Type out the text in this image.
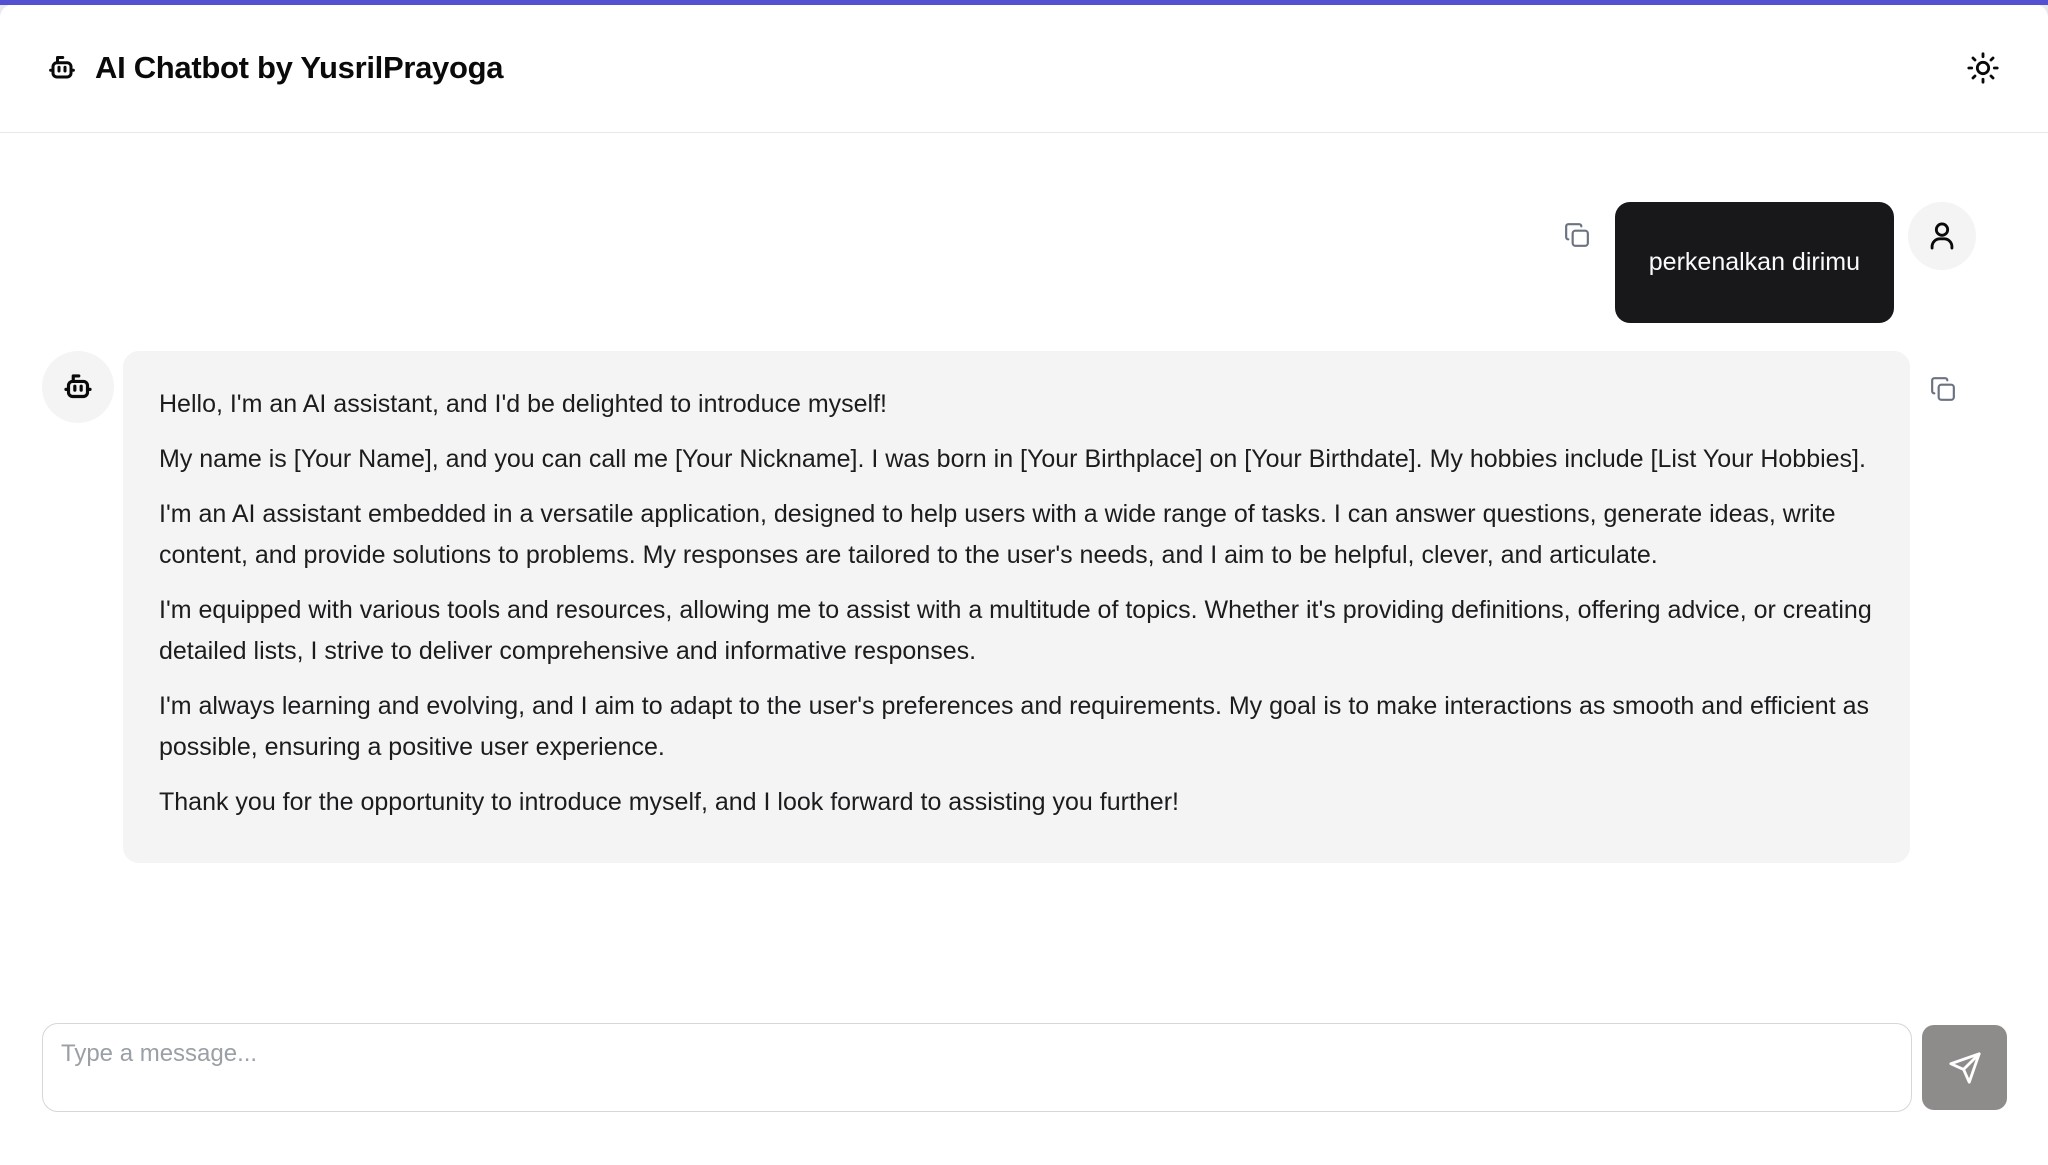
AI Chatbot by YusrilPrayoga
perkenalkan dirimu

Hello, I'm an AI assistant, and I'd be delighted to introduce myself!

My name is [Your Name], and you can call me [Your Nickname]. I was born in [Your Birthplace] on [Your Birthdate]. My hobbies include [List Your Hobbies].

I'm an AI assistant embedded in a versatile application, designed to help users with a wide range of tasks. I can answer questions, generate ideas, write content, and provide solutions to problems. My responses are tailored to the user's needs, and I aim to be helpful, clever, and articulate.

I'm equipped with various tools and resources, allowing me to assist with a multitude of topics. Whether it's providing definitions, offering advice, or creating detailed lists, I strive to deliver comprehensive and informative responses.

I'm always learning and evolving, and I aim to adapt to the user's preferences and requirements. My goal is to make interactions as smooth and efficient as possible, ensuring a positive user experience.

Thank you for the opportunity to introduce myself, and I look forward to assisting you further!

Type a message...
